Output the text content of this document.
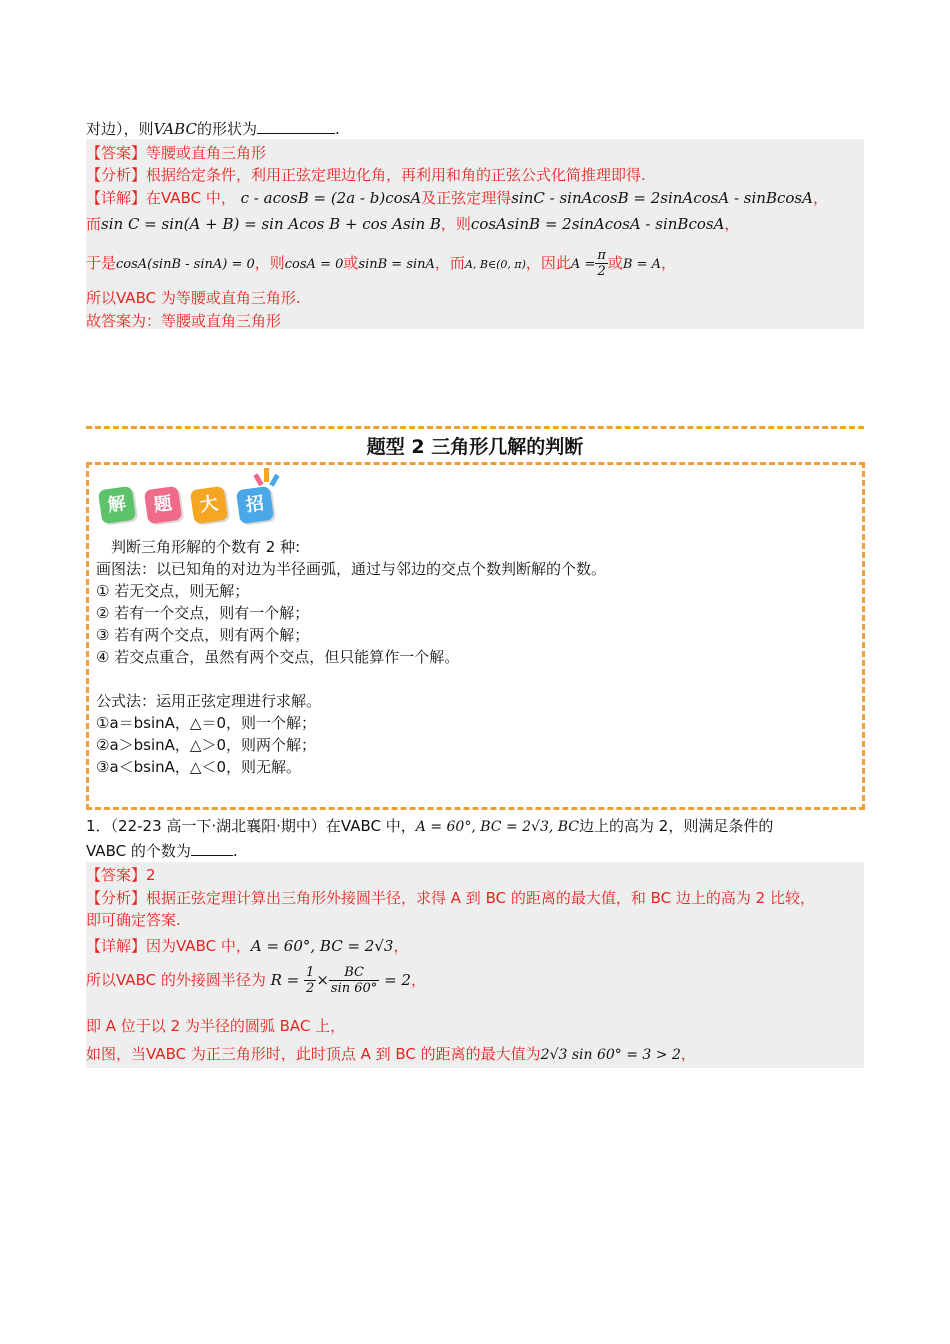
对边），则VABC的形状为	.
【答案】等腰或直角三角形
【分析】根据给定条件，利用正弦定理边化角，再利用和角的正弦公式化简推理即得.
【详解】在VABC 中， c - acosB = (2a - b)cosA及正弦定理得sinC - sinAcosB = 2sinAcosA - sinBcosA，
而sin C = sin(A + B) = sin Acos B + cos Asin B，则cosAsinB = 2sinAcosA - sinBcosA，
于是cosA(sinB - sinA) = 0，则cosA = 0或sinB = sinA，而A, B∈(0, π)，因此$A = \frac{\pi}{2}$ 或B = A，
所以VABC 为等腰或直角三角形.
故答案为：等腰或直角三角形
题型 2 三角形几解的判断
解	题	大	招
　判断三角形解的个数有 2 种:
画图法：以已知角的对边为半径画弧，通过与邻边的交点个数判断解的个数。
① 若无交点，则无解；
② 若有一个交点，则有一个解；
③ 若有两个交点，则有两个解；
④ 若交点重合，虽然有两个交点，但只能算作一个解。
公式法：运用正弦定理进行求解。
①a＝bsinA，△＝0，则一个解；
②a＞bsinA，△＞0，则两个解；
③a＜bsinA，△＜0，则无解。
1．（22-23 高一下·湖北襄阳·期中）在VABC 中，A = 60°, BC = 2√3, BC边上的高为 2，则满足条件的
VABC 的个数为	.
【答案】2
【分析】根据正弦定理计算出三角形外接圆半径，求得 A 到 BC 的距离的最大值，和 BC 边上的高为 2 比较，
即可确定答案.
【详解】因为VABC 中，A = 60°, BC = 2√3，
所以VABC 的外接圆半径为 $R = \frac{1}{2} \times \frac{BC}{\sin 60^\circ} = 2$，
即 A 位于以 2 为半径的圆弧 BAC 上，
如图，当VABC 为正三角形时，此时顶点 A 到 BC 的距离的最大值为2√3 sin 60° = 3 > 2，
